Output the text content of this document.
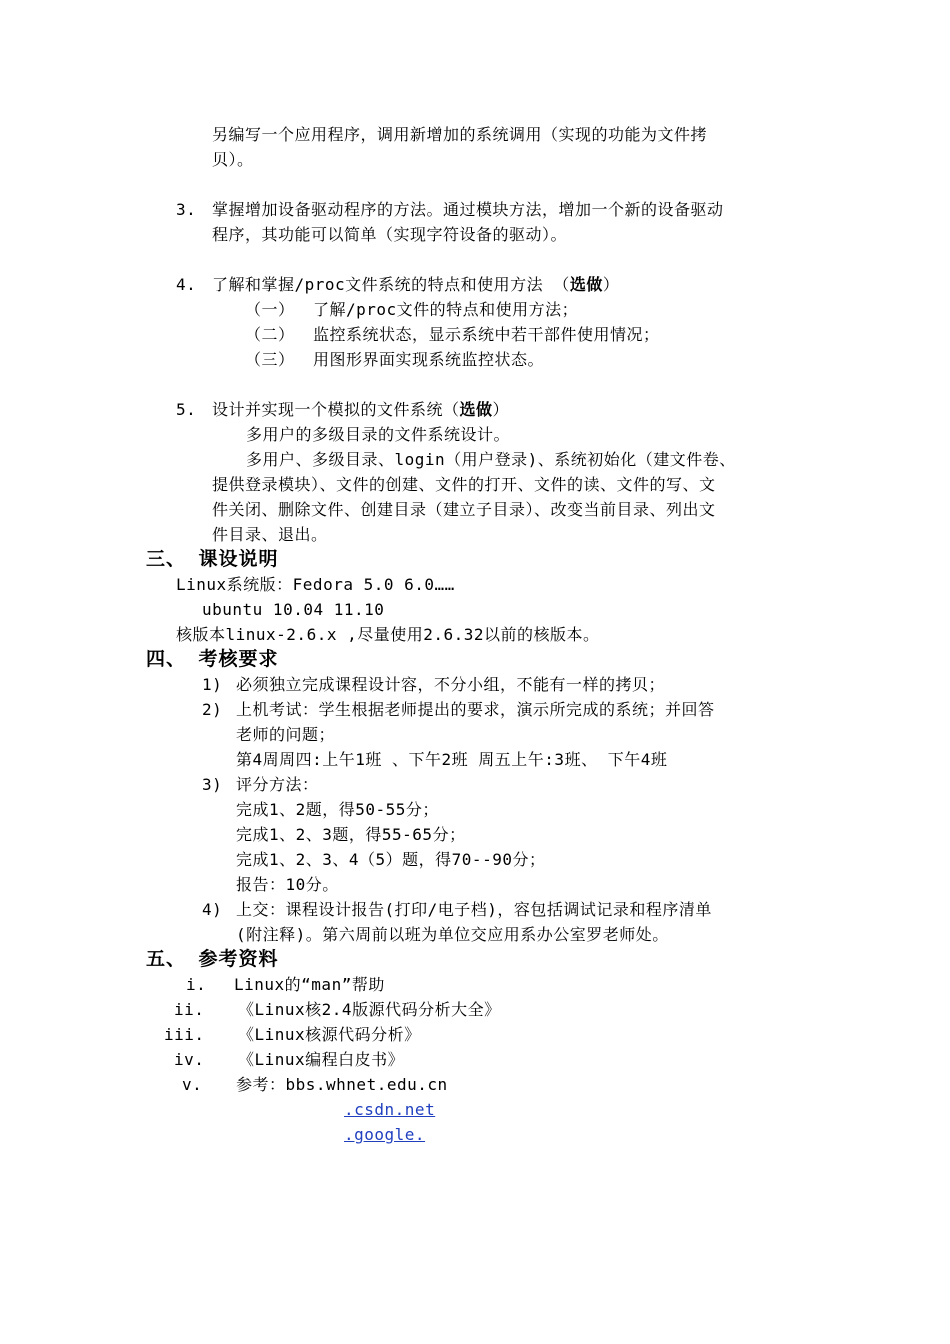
另编写一个应用程序，调用新增加的系统调用（实现的功能为文件拷
贝）。
3. 掌握增加设备驱动程序的方法。通过模块方法，增加一个新的设备驱动
程序，其功能可以简单（实现字符设备的驱动）。
4. 了解和掌握/proc文件系统的特点和使用方法 （选做）
（一） 了解/proc文件的特点和使用方法；
（二） 监控系统状态，显示系统中若干部件使用情况；
（三） 用图形界面实现系统监控状态。
5. 设计并实现一个模拟的文件系统（选做）
多用户的多级目录的文件系统设计。
多用户、多级目录、login（用户登录)、系统初始化（建文件卷、
提供登录模块）、文件的创建、文件的打开、文件的读、文件的写、文
件关闭、删除文件、创建目录（建立子目录）、改变当前目录、列出文
件目录、退出。
三、 课设说明
Linux系统版：Fedora 5.0 6.0……
ubuntu 10.04 11.10
核版本linux-2.6.x ,尽量使用2.6.32以前的核版本。
四、 考核要求
1) 必须独立完成课程设计容，不分小组，不能有一样的拷贝；
2) 上机考试：学生根据老师提出的要求，演示所完成的系统；并回答
老师的问题；
第4周周四:上午1班 、下午2班 周五上午:3班、 下午4班
3) 评分方法：
完成1、2题，得50-55分；
完成1、2、3题，得55-65分；
完成1、2、3、4（5）题，得70--90分；
报告：10分。
4) 上交：课程设计报告(打印/电子档)，容包括调试记录和程序清单
(附注释)。第六周前以班为单位交应用系办公室罗老师处。
五、 参考资料
i. Linux的“man”帮助
ii. 《Linux核2.4版源代码分析大全》
iii. 《Linux核源代码分析》
iv. 《Linux编程白皮书》
v. 参考：bbs.whnet.edu.cn
.csdn.net
.google.
